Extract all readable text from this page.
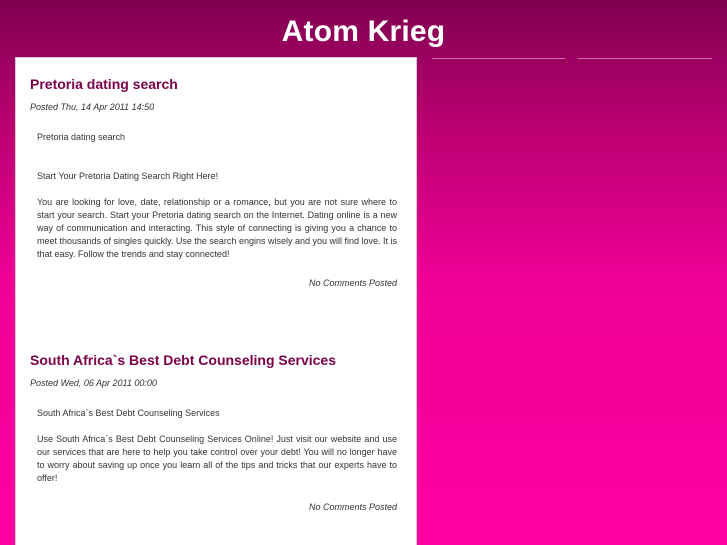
Atom Krieg
Pretoria dating search
Posted Thu, 14 Apr 2011 14:50

Pretoria dating search

Start Your Pretoria Dating Search Right Here!

You are looking for love, date, relationship or a romance, but you are not sure where to start your search. Start your Pretoria dating search on the Internet. Dating online is a new way of communication and interacting. This style of connecting is giving you a chance to meet thousands of singles quickly. Use the search engins wisely and you will find love. It is that easy. Follow the trends and stay connected!

No Comments Posted
South Africa`s Best Debt Counseling Services
Posted Wed, 06 Apr 2011 00:00

South Africa`s Best Debt Counseling Services

Use South Africa`s Best Debt Counseling Services Online! Just visit our website and use our services that are here to help you take control over your debt! You will no longer have to worry about saving up once you learn all of the tips and tricks that our experts have to offer!

No Comments Posted
